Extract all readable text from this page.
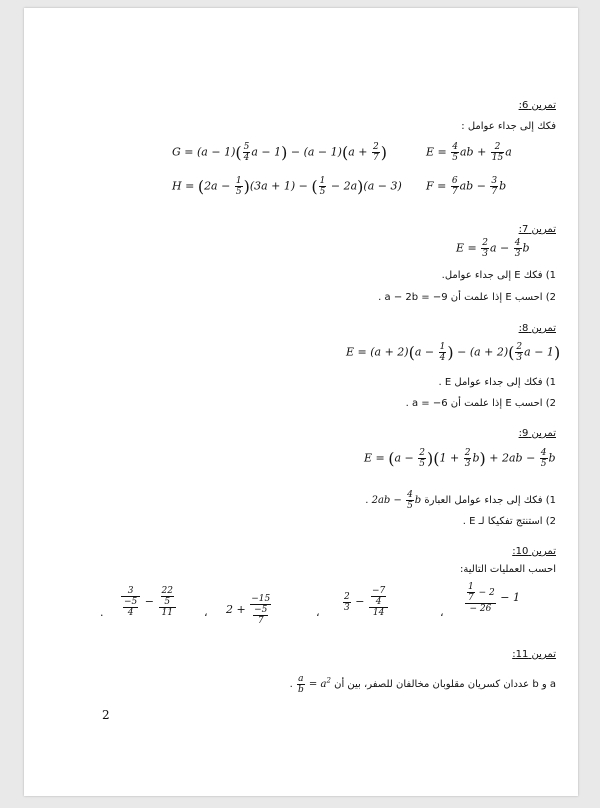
تمرين 6:
فكك إلى جداء عوامل :
$G = (a - 1)( \frac{5}{4}$ $a - 1) - (a - 1)(a + \frac{2}{7}$ )	$E = \frac{4}{5}$ ab + $\frac{2}{15}$ a
$H = (2a - \frac{1}{5} )(3a + 1)$ − ( $\frac{1}{5} - 2a)(a - 3)$ $F = \frac{6}{7}$ ab − $\frac{3}{7}$ b
تمرين 7:
$E = \frac{2}{3}$ $a - \frac{4}{3}$ b
1) فكك E إلى جداء عوامل.
2) احسب E إذا علمت أن a − 2b = −9 .
تمرين 8:
$E = (a + 2)(a - \frac{1}{4}$ ) − $(a + 2)( \frac{2}{3}$ a − 1)
1) فكك إلى جداء عوامل E .
2) احسب E إذا علمت أن a = −6 .
تمرين 9:
$E = (a - \frac{2}{5} )(1 + \frac{2}{3} b) + 2ab - \frac{4}{5}$ b
1) فكك إلى جداء عوامل العبارة $2ab - \frac{4}{5}$ b .
2) استنتج تفكيكا لـ E .
تمرين 10:
احسب العمليات التالية:
$\frac{\frac{1}{7} - 2}{- 26} - 1$
$\frac{2}{3} - \frac{\frac{-7}{4}}{14}$
$2 + \frac{-15}{\frac{-5}{7}}$
$\frac{3}{\frac{-5}{4}} - \frac{\frac{22}{5}}{11}$	،
،
،
.
تمرين 11:
a و b عددان كسريان مقلوبان مخالفان للصفر، بين أن
$\frac{a}{b} = a^2$ .
2
